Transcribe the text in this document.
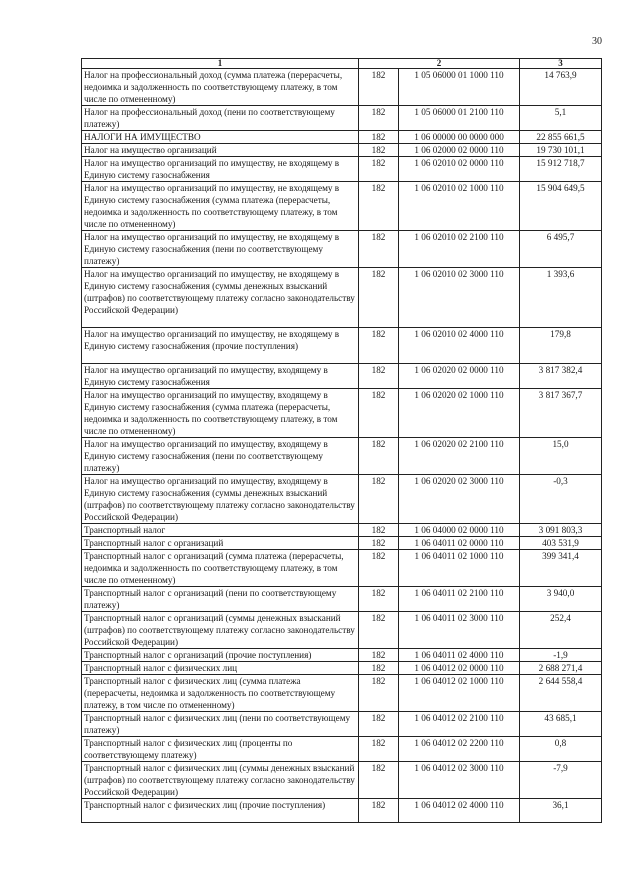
30
1	2		3
Налог на профессиональный доход (сумма платежа (перерасчеты, недоимка и задолженность по соответствующему платежу, в том числе по отмененному)	182	1 05 06000 01 1000 110	14 763,9
Налог на профессиональный доход (пени по соответствующему платежу)	182	1 05 06000 01 2100 110	5,1
НАЛОГИ НА ИМУЩЕСТВО	182	1 06 00000 00 0000 000	22 855 661,5
Налог на имущество организаций	182	1 06 02000 02 0000 110	19 730 101,1
Налог на имущество организаций по имуществу, не входящему в Единую систему газоснабжения	182	1 06 02010 02 0000 110	15 912 718,7
Налог на имущество организаций по имуществу, не входящему в Единую систему газоснабжения (сумма платежа (перерасчеты, недоимка и задолженность по соответствующему платежу, в том числе по отмененному)	182	1 06 02010 02 1000 110	15 904 649,5
Налог на имущество организаций по имуществу, не входящему в Единую систему газоснабжения (пени по соответствующему платежу)	182	1 06 02010 02 2100 110	6 495,7
Налог на имущество организаций по имуществу, не входящему в Единую систему газоснабжения (суммы денежных взысканий (штрафов) по соответствующему платежу согласно законодательству Российской Федерации)	182	1 06 02010 02 3000 110	1 393,6
Налог на имущество организаций по имуществу, не входящему в Единую систему газоснабжения (прочие поступления)	182	1 06 02010 02 4000 110	179,8
Налог на имущество организаций по имуществу, входящему в Единую систему газоснабжения	182	1 06 02020 02 0000 110	3 817 382,4
Налог на имущество организаций по имуществу, входящему в Единую систему газоснабжения (сумма платежа (перерасчеты, недоимка и задолженность по соответствующему платежу, в том числе по отмененному)	182	1 06 02020 02 1000 110	3 817 367,7
Налог на имущество организаций по имуществу, входящему в Единую систему газоснабжения (пени по соответствующему платежу)	182	1 06 02020 02 2100 110	15,0
Налог на имущество организаций по имуществу, входящему в Единую систему газоснабжения (суммы денежных взысканий (штрафов) по соответствующему платежу согласно законодательству Российской Федерации)	182	1 06 02020 02 3000 110	-0,3
Транспортный налог	182	1 06 04000 02 0000 110	3 091 803,3
Транспортный налог с организаций	182	1 06 04011 02 0000 110	403 531,9
Транспортный налог с организаций (сумма платежа (перерасчеты, недоимка и задолженность по соответствующему платежу, в том числе по отмененному)	182	1 06 04011 02 1000 110	399 341,4
Транспортный налог с организаций (пени по соответствующему платежу)	182	1 06 04011 02 2100 110	3 940,0
Транспортный налог с организаций (суммы денежных взысканий (штрафов) по соответствующему платежу согласно законодательству Российской Федерации)	182	1 06 04011 02 3000 110	252,4
Транспортный налог с организаций (прочие поступления)	182	1 06 04011 02 4000 110	-1,9
Транспортный налог с физических лиц	182	1 06 04012 02 0000 110	2 688 271,4
Транспортный налог с физических лиц (сумма платежа (перерасчеты, недоимка и задолженность по соответствующему платежу, в том числе по отмененному)	182	1 06 04012 02 1000 110	2 644 558,4
Транспортный налог с физических лиц (пени по соответствующему платежу)	182	1 06 04012 02 2100 110	43 685,1
Транспортный налог с физических лиц (проценты по соответствующему платежу)	182	1 06 04012 02 2200 110	0,8
Транспортный налог с физических лиц (суммы денежных взысканий (штрафов) по соответствующему платежу согласно законодательству Российской Федерации)	182	1 06 04012 02 3000 110	-7,9
Транспортный налог с физических лиц (прочие поступления)	182	1 06 04012 02 4000 110	36,1
